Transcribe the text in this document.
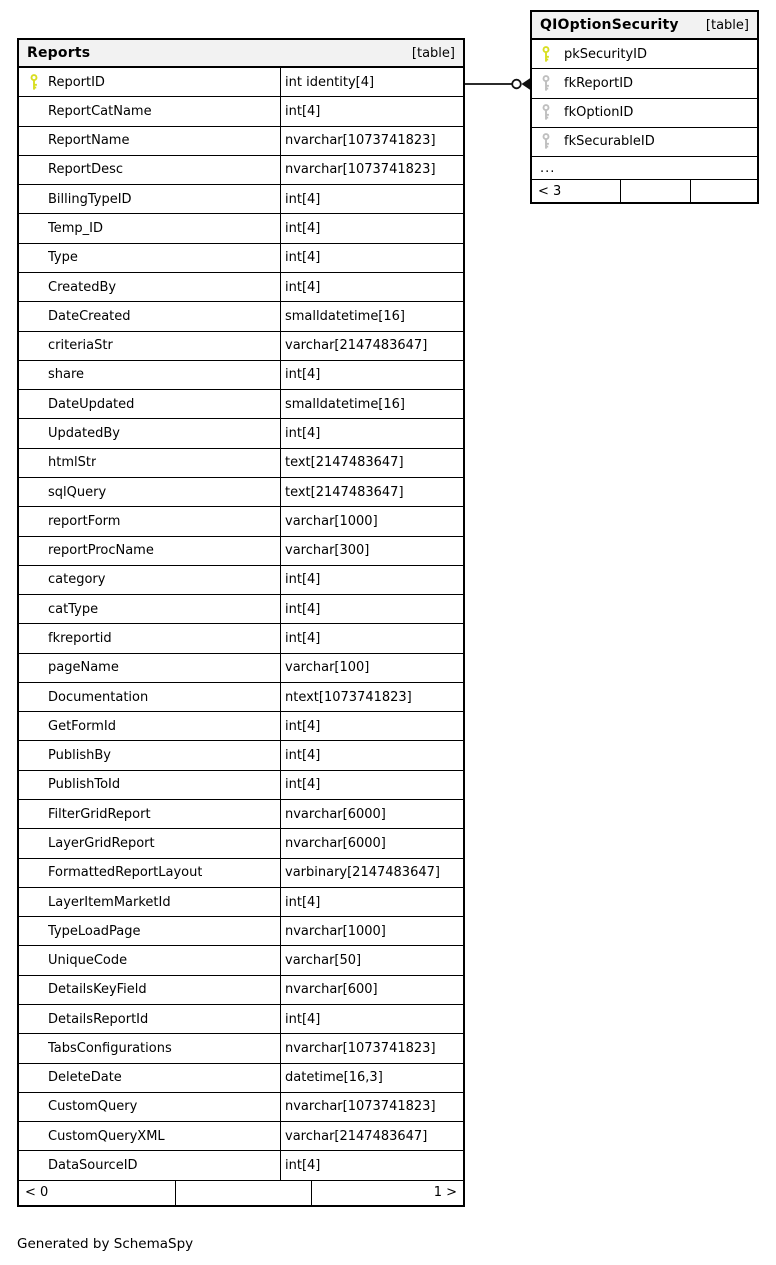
Reports	[table]
ReportID	int identity[4]
ReportCatName	int[4]
ReportName	nvarchar[1073741823]
ReportDesc	nvarchar[1073741823]
BillingTypeID	int[4]
Temp_ID	int[4]
Type	int[4]
CreatedBy	int[4]
DateCreated	smalldatetime[16]
criteriaStr	varchar[2147483647]
share	int[4]
DateUpdated	smalldatetime[16]
UpdatedBy	int[4]
htmlStr	text[2147483647]
sqlQuery	text[2147483647]
reportForm	varchar[1000]
reportProcName	varchar[300]
category	int[4]
catType	int[4]
fkreportid	int[4]
pageName	varchar[100]
Documentation	ntext[1073741823]
GetFormId	int[4]
PublishBy	int[4]
PublishToId	int[4]
FilterGridReport	nvarchar[6000]
LayerGridReport	nvarchar[6000]
FormattedReportLayout	varbinary[2147483647]
LayerItemMarketId	int[4]
TypeLoadPage	nvarchar[1000]
UniqueCode	varchar[50]
DetailsKeyField	nvarchar[600]
DetailsReportId	int[4]
TabsConfigurations	nvarchar[1073741823]
DeleteDate	datetime[16,3]
CustomQuery	nvarchar[1073741823]
CustomQueryXML	varchar[2147483647]
DataSourceID	int[4]
< 0	1 >
QIOptionSecurity [table]
pkSecurityID
fkReportID
fkOptionID
fkSecurableID
...
< 3
Generated by SchemaSpy
